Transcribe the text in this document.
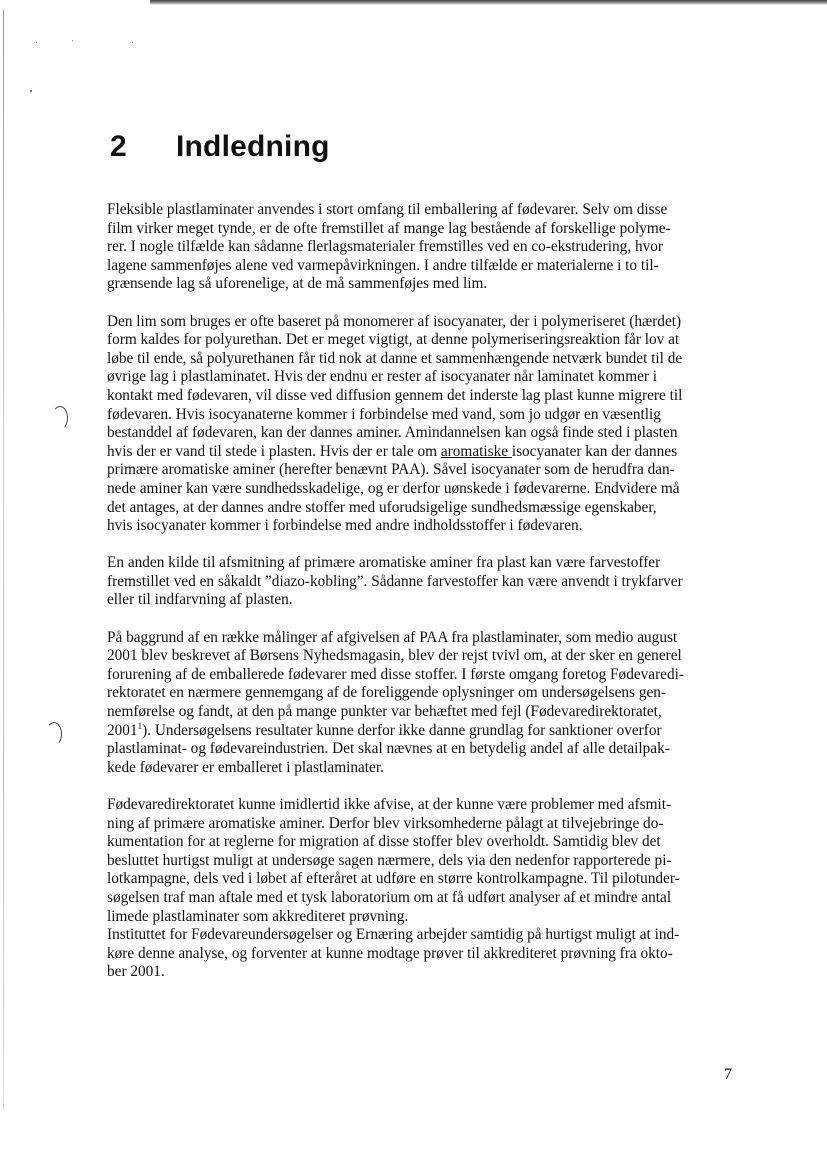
2 Indledning

Fleksible plastlaminater anvendes i stort omfang til emballering af fødevarer. Selv om disse
film virker meget tynde, er de ofte fremstillet af mange lag bestående af forskellige polyme-
rer. I nogle tilfælde kan sådanne flerlagsmaterialer fremstilles ved en co-ekstrudering, hvor
lagene sammenføjes alene ved varmepåvirkningen. I andre tilfælde er materialerne i to til-
grænsende lag så uforenelige, at de må sammenføjes med lim.

Den lim som bruges er ofte baseret på monomerer af isocyanater, der i polymeriseret (hærdet)
form kaldes for polyurethan. Det er meget vigtigt, at denne polymeriseringsreaktion får lov at
løbe til ende, så polyurethanen får tid nok at danne et sammenhængende netværk bundet til de
øvrige lag i plastlaminatet. Hvis der endnu er rester af isocyanater når laminatet kommer i
kontakt med fødevaren, vil disse ved diffusion gennem det inderste lag plast kunne migrere til
fødevaren. Hvis isocyanaterne kommer i forbindelse med vand, som jo udgør en væsentlig
bestanddel af fødevaren, kan der dannes aminer. Amindannelsen kan også finde sted i plasten

hvis der er vand til stede i plasten. Hvis der er tale om aromatiske isocyanater kan der dannes
primære aromatiske aminer (herefter benævnt PAA). Såvel isocyanater som de herudfra dan-
nede aminer kan være sundhedsskadelige, og er derfor uønskede i fødevarerne. Endvidere må
det antages, at der dannes andre stoffer med uforudsigelige sundhedsmæssige egenskaber,
hvis isocyanater kommer i forbindelse med andre indholdsstoffer i fødevaren.

En anden kilde til afsmitning af primære aromatiske aminer fra plast kan være farvestoffer
fremstillet ved en såkaldt ”diazo-kobling”. Sådanne farvestoffer kan være anvendt i trykfarver
eller til indfarvning af plasten.

På baggrund af en række målinger af afgivelsen af PAA fra plastlaminater, som medio august
2001 blev beskrevet af Børsens Nyhedsmagasin, blev der rejst tvivl om, at der sker en generel
forurening af de emballerede fødevarer med disse stoffer. I første omgang foretog Fødevaredi-
rektoratet en nærmere gennemgang af de foreliggende oplysninger om undersøgelsens gen-
nemførelse og fandt, at den på mange punkter var behæftet med fejl (Fødevaredirektoratet,

2001$^1$). Undersøgelsens resultater kunne derfor ikke danne grundlag for sanktioner overfor
plastlaminat- og fødevareindustrien. Det skal nævnes at en betydelig andel af alle detailpak-
kede fødevarer er emballeret i plastlaminater.

Fødevaredirektoratet kunne imidlertid ikke afvise, at der kunne være problemer med afsmit-
ning af primære aromatiske aminer. Derfor blev virksomhederne pålagt at tilvejebringe do-
kumentation for at reglerne for migration af disse stoffer blev overholdt. Samtidig blev det
besluttet hurtigst muligt at undersøge sagen nærmere, dels via den nedenfor rapporterede pi-
lotkampagne, dels ved i løbet af efteråret at udføre en større kontrolkampagne. Til pilotunder-
søgelsen traf man aftale med et tysk laboratorium om at få udført analyser af et mindre antal
limede plastlaminater som akkrediteret prøvning.

Instituttet for Fødevareundersøgelser og Ernæring arbejder samtidig på hurtigst muligt at ind-
køre denne analyse, og forventer at kunne modtage prøver til akkrediteret prøvning fra okto-
ber 2001.

7
